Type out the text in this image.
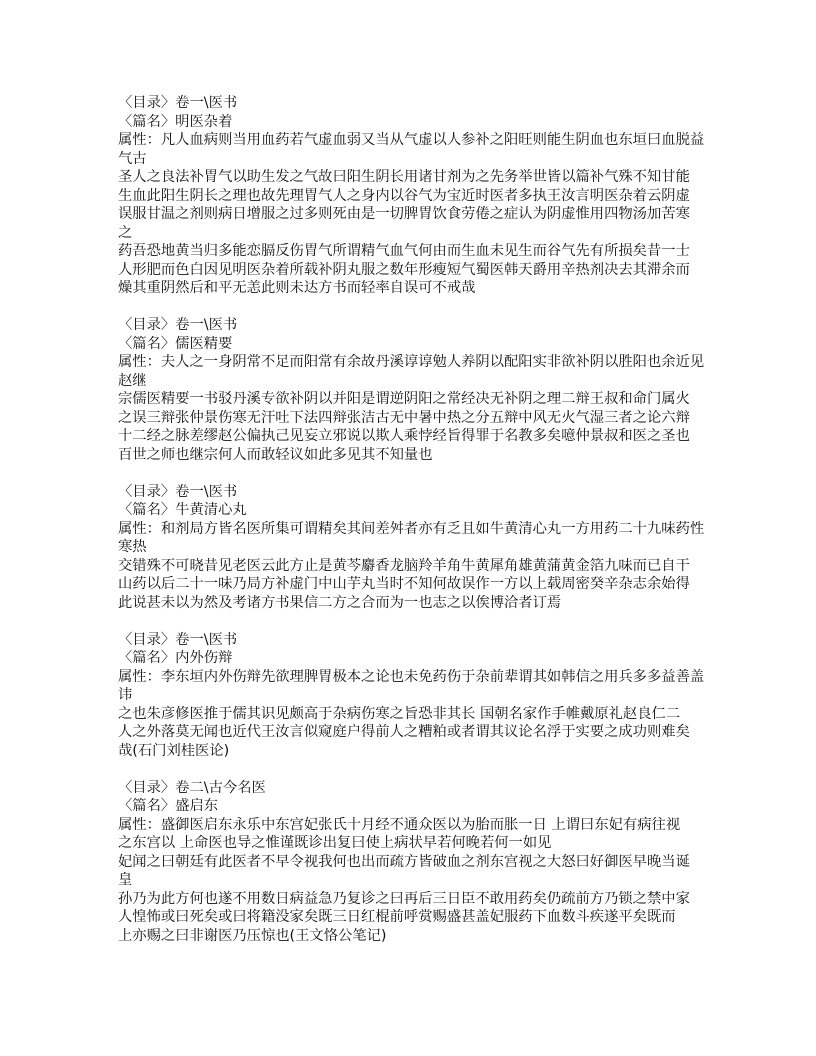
〈目录〉卷一\医书
〈篇名〉明医杂着
属性：凡人血病则当用血药若气虚血弱又当从气虚以人参补之阳旺则能生阴血也东垣曰血脱益
气古
圣人之良法补胃气以助生发之气故曰阳生阴长用诸甘剂为之先务举世皆以篇补气殊不知甘能
生血此阳生阴长之理也故先理胃气人之身内以谷气为宝近时医者多执王汝言明医杂着云阴虚
误服甘温之剂则病日增服之过多则死由是一切脾胃饮食劳倦之症认为阴虚惟用四物汤加苦寒
之
药吾恐地黄当归多能恋膈反伤胃气所谓精气血气何由而生血未见生而谷气先有所损矣昔一士
人形肥而色白因见明医杂着所载补阴丸服之数年形瘦短气蜀医韩天爵用辛热剂决去其滞余而
燥其重阴然后和平无恙此则未达方书而轻率自误可不戒哉
〈目录〉卷一\医书
〈篇名〉儒医精要
属性：夫人之一身阴常不足而阳常有余故丹溪谆谆勉人养阴以配阳实非欲补阴以胜阳也余近见
赵继
宗儒医精要一书驳丹溪专欲补阴以并阳是谓逆阴阳之常经决无补阴之理二辩王叔和命门属火
之误三辩张仲景伤寒无汗吐下法四辩张洁古无中暑中热之分五辩中风无火气湿三者之论六辩
十二经之脉差缪赵公偏执己见妄立邪说以欺人乘悖经旨得罪于名教多矣噫仲景叔和医之圣也
百世之师也继宗何人而敢轻议如此多见其不知量也
〈目录〉卷一\医书
〈篇名〉牛黄清心丸
属性：和剂局方皆名医所集可谓精矣其间差舛者亦有乏且如牛黄清心丸一方用药二十九味药性
寒热
交错殊不可晓昔见老医云此方止是黄芩麝香龙脑羚羊角牛黄犀角雄黄蒲黄金箔九味而已自干
山药以后二十一味乃局方补虚门中山芋丸当时不知何故误作一方以上载周密癸辛杂志余始得
此说甚未以为然及考诸方书果信二方之合而为一也志之以俟博洽者订焉
〈目录〉卷一\医书
〈篇名〉内外伤辩
属性：李东垣内外伤辩先欲理脾胃极本之论也未免药伤于杂前辈谓其如韩信之用兵多多益善盖
讳
之也朱彦修医推于儒其识见颇高于杂病伤寒之旨恐非其长 国朝名家作手帷戴原礼赵良仁二
人之外落莫无闻也近代王汝言似窥庭户得前人之糟粕或者谓其议论名浮于实要之成功则难矣
哉(石门刘桂医论)
〈目录〉卷二\古今名医
〈篇名〉盛启东
属性：盛御医启东永乐中东宫妃张氏十月经不通众医以为胎而胀一日 上谓曰东妃有病往视
之东宫以 上命医也导之惟谨既诊出复曰使上病状早若何晚若何一如见
妃闻之曰朝廷有此医者不早令视我何也出而疏方皆破血之剂东宫视之大怒曰好御医早晚当诞
皇
孙乃为此方何也遂不用数日病益急乃复诊之曰再后三日臣不敢用药矣仍疏前方乃锁之禁中家
人惶怖或曰死矣或曰将籍没家矣既三日红棍前呼赏赐盛甚盖妃服药下血数斗疾遂平矣既而
上亦赐之曰非谢医乃压惊也(王文恪公笔记)
